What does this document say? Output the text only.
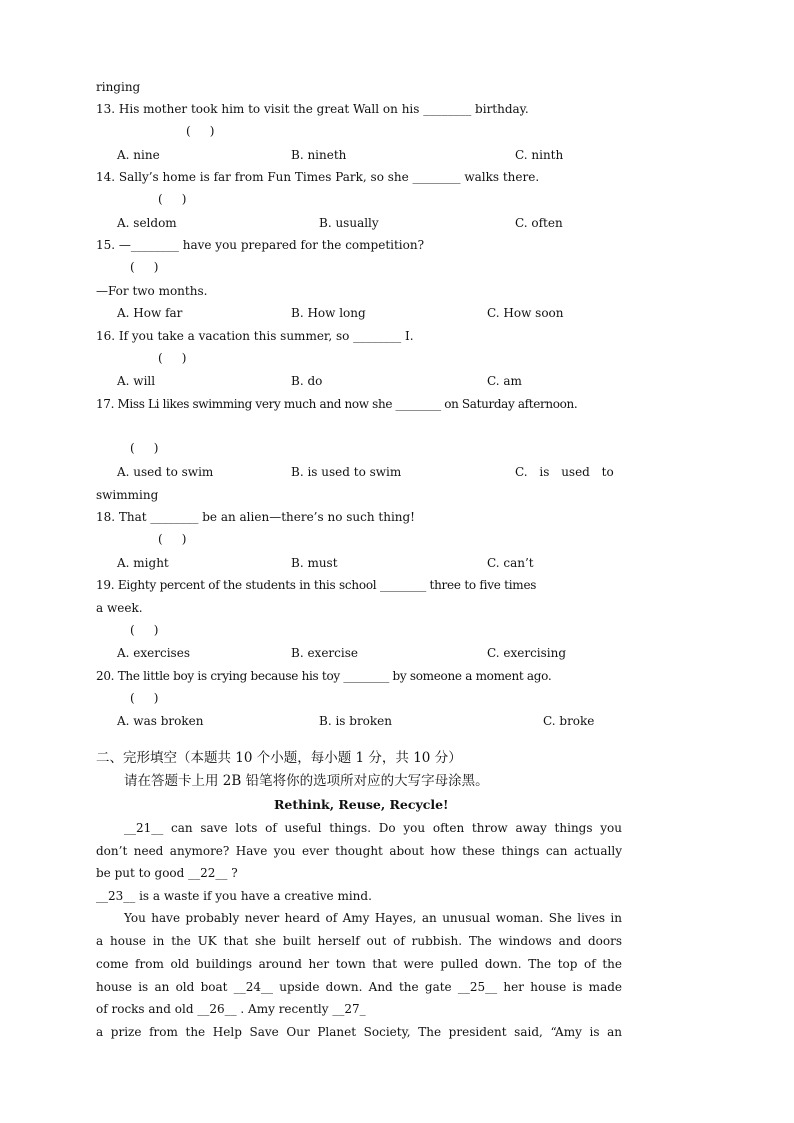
ringing
13. His mother took him to visit the great Wall on his ________ birthday.
(     )
A. nine	B. nineth	C. ninth
14. Sally’s home is far from Fun Times Park, so she ________ walks there.
(     )
A. seldom	B. usually	C. often
15. —________ have you prepared for the competition?
(     )
—For two months.
A. How far	B. How long	C. How soon
16. If you take a vacation this summer, so ________ I.
(     )
A. will	B. do	C. am
17. Miss Li likes swimming very much and now she ________ on Saturday afternoon.
(     )
A. used to swim	B. is used to swim	C. is used to
swimming
18. That ________ be an alien—there’s no such thing!
(     )
A. might	B. must	C. can’t
19. Eighty percent of the students in this school ________ three to five times
a week.
(     )
A. exercises	B. exercise	C. exercising
20. The little boy is crying because his toy ________ by someone a moment ago.
(     )
A. was broken	B. is broken	C. broke
二、完形填空（本题共 10 个小题，每小题 1 分，共 10 分）
请在答题卡上用 2B 铅笔将你的选项所对应的大写字母涂黑。
Rethink, Reuse, Recycle!
__21__ can save lots of useful things. Do you often throw away things you
don’t need anymore? Have you ever thought about how these things can actually
be put to good __22__ ?
__23__ is a waste if you have a creative mind.
You have probably never heard of Amy Hayes, an unusual woman. She lives in
a house in the UK that she built herself out of rubbish. The windows and doors
come from old buildings around her town that were pulled down. The top of the
house is an old boat __24__ upside down. And the gate __25__ her house is made
of rocks and old __26__ . Amy recently __27_
a prize from the Help Save Our Planet Society, The president said, “Amy is an
